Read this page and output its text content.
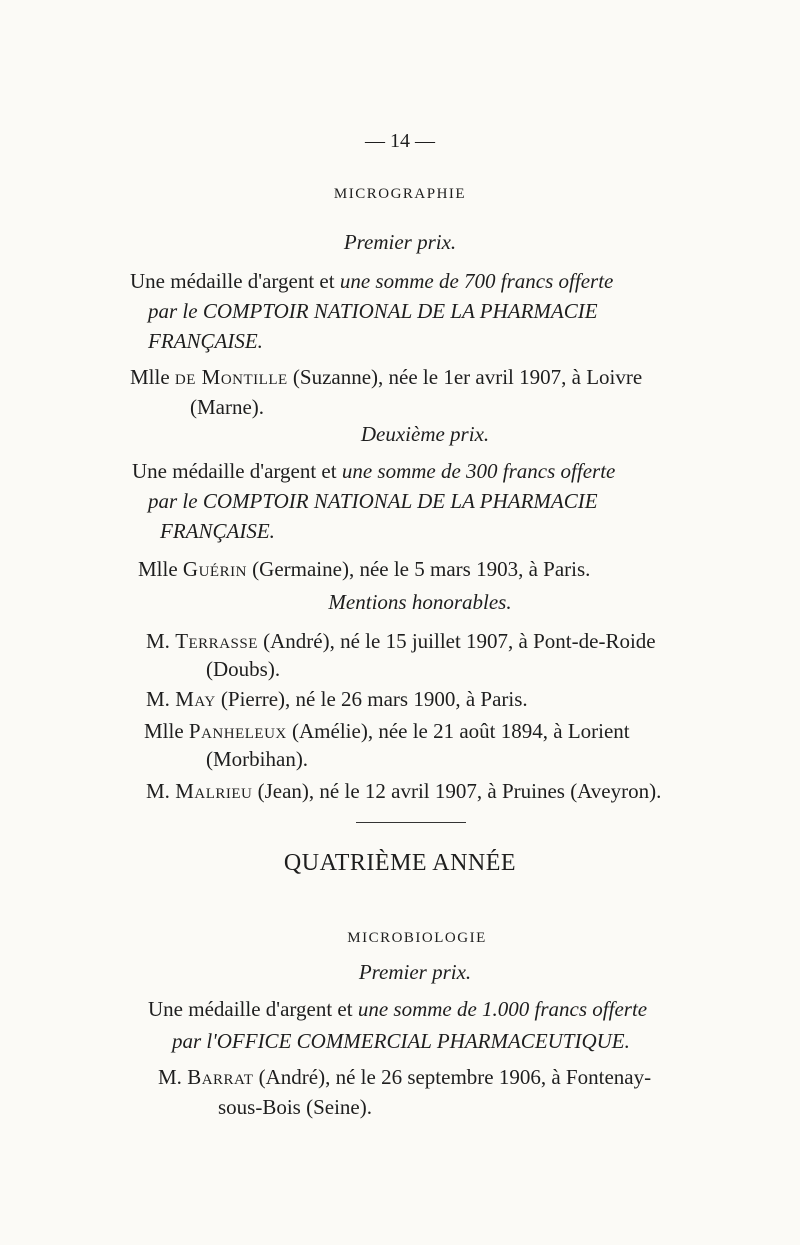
— 14 —
MICROGRAPHIE
Premier prix.
Une médaille d'argent et une somme de 700 francs offerte
par le COMPTOIR NATIONAL DE LA PHARMACIE
FRANÇAISE.
Mlle de Montille (Suzanne), née le 1er avril 1907, à Loivre
(Marne).
Deuxième prix.
Une médaille d'argent et une somme de 300 francs offerte
par le COMPTOIR NATIONAL DE LA PHARMACIE
FRANÇAISE.
Mlle Guérin (Germaine), née le 5 mars 1903, à Paris.
Mentions honorables.
M. Terrasse (André), né le 15 juillet 1907, à Pont-de-Roide
(Doubs).
M. May (Pierre), né le 26 mars 1900, à Paris.
Mlle Panheleux (Amélie), née le 21 août 1894, à Lorient
(Morbihan).
M. Malrieu (Jean), né le 12 avril 1907, à Pruines (Aveyron).
QUATRIÈME ANNÉE
MICROBIOLOGIE
Premier prix.
Une médaille d'argent et une somme de 1.000 francs offerte
par l'OFFICE COMMERCIAL PHARMACEUTIQUE.
M. Barrat (André), né le 26 septembre 1906, à Fontenay-
sous-Bois (Seine).
